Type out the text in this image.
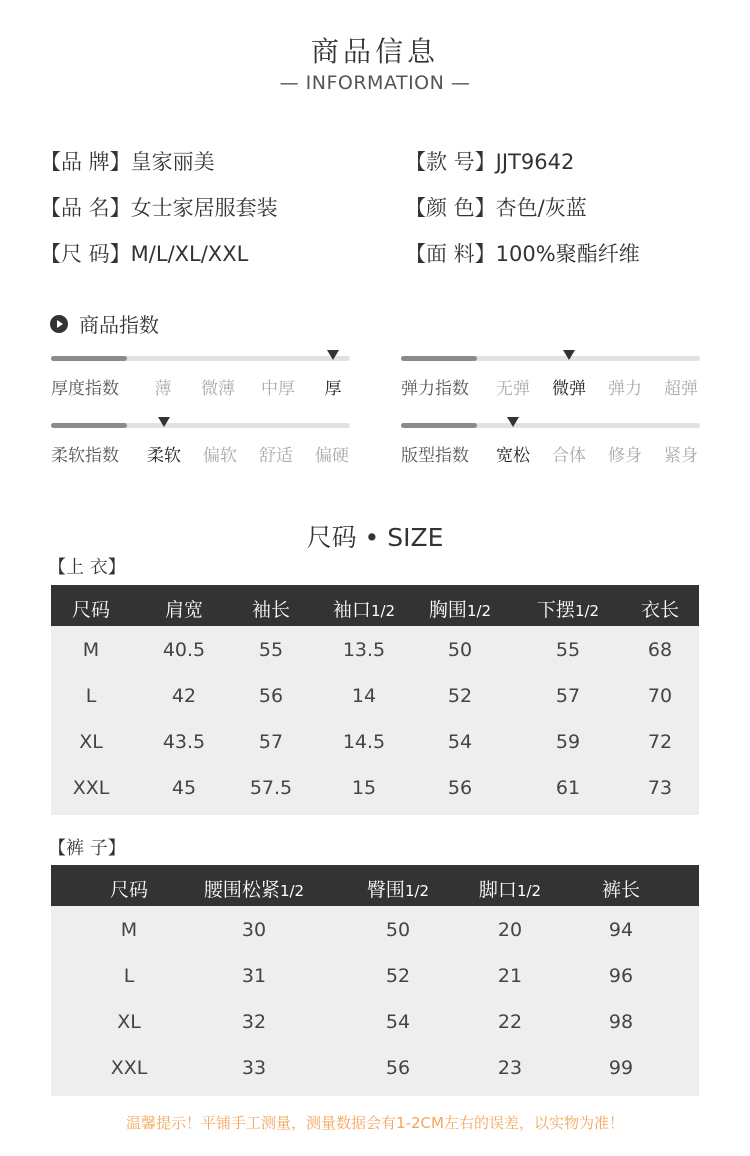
商品信息
— INFORMATION —
【品 牌】皇家丽美	【款 号】JJT9642
【品 名】女士家居服套装	【颜 色】杏色/灰蓝
【尺 码】M/L/XL/XXL	【面 料】100%聚酯纤维
商品指数
厚度指数 薄 微薄 中厚 厚	弹力指数 无弹 微弹 弹力 超弹
柔软指数 柔软 偏软 舒适 偏硬	版型指数 宽松 合体 修身 紧身
尺码 • SIZE
【上 衣】
尺码	肩宽	袖长 袖口1/2 胸围1/2 下摆1/2 衣长
M	40.5	55	13.5	50	55	68
L	42	56	14	52	57	70
XL	43.5	57	14.5	54	59	72
XXL	45	57.5	15	56	61	73
【裤 子】
尺码	腰围松紧1/2	臀围1/2	脚口1/2	裤长
M	30	50	20	94
L	31	52	21	96
XL	32	54	22	98
XXL	33	56	23	99
温馨提示！平铺手工测量，测量数据会有1-2CM左右的误差，以实物为准！
